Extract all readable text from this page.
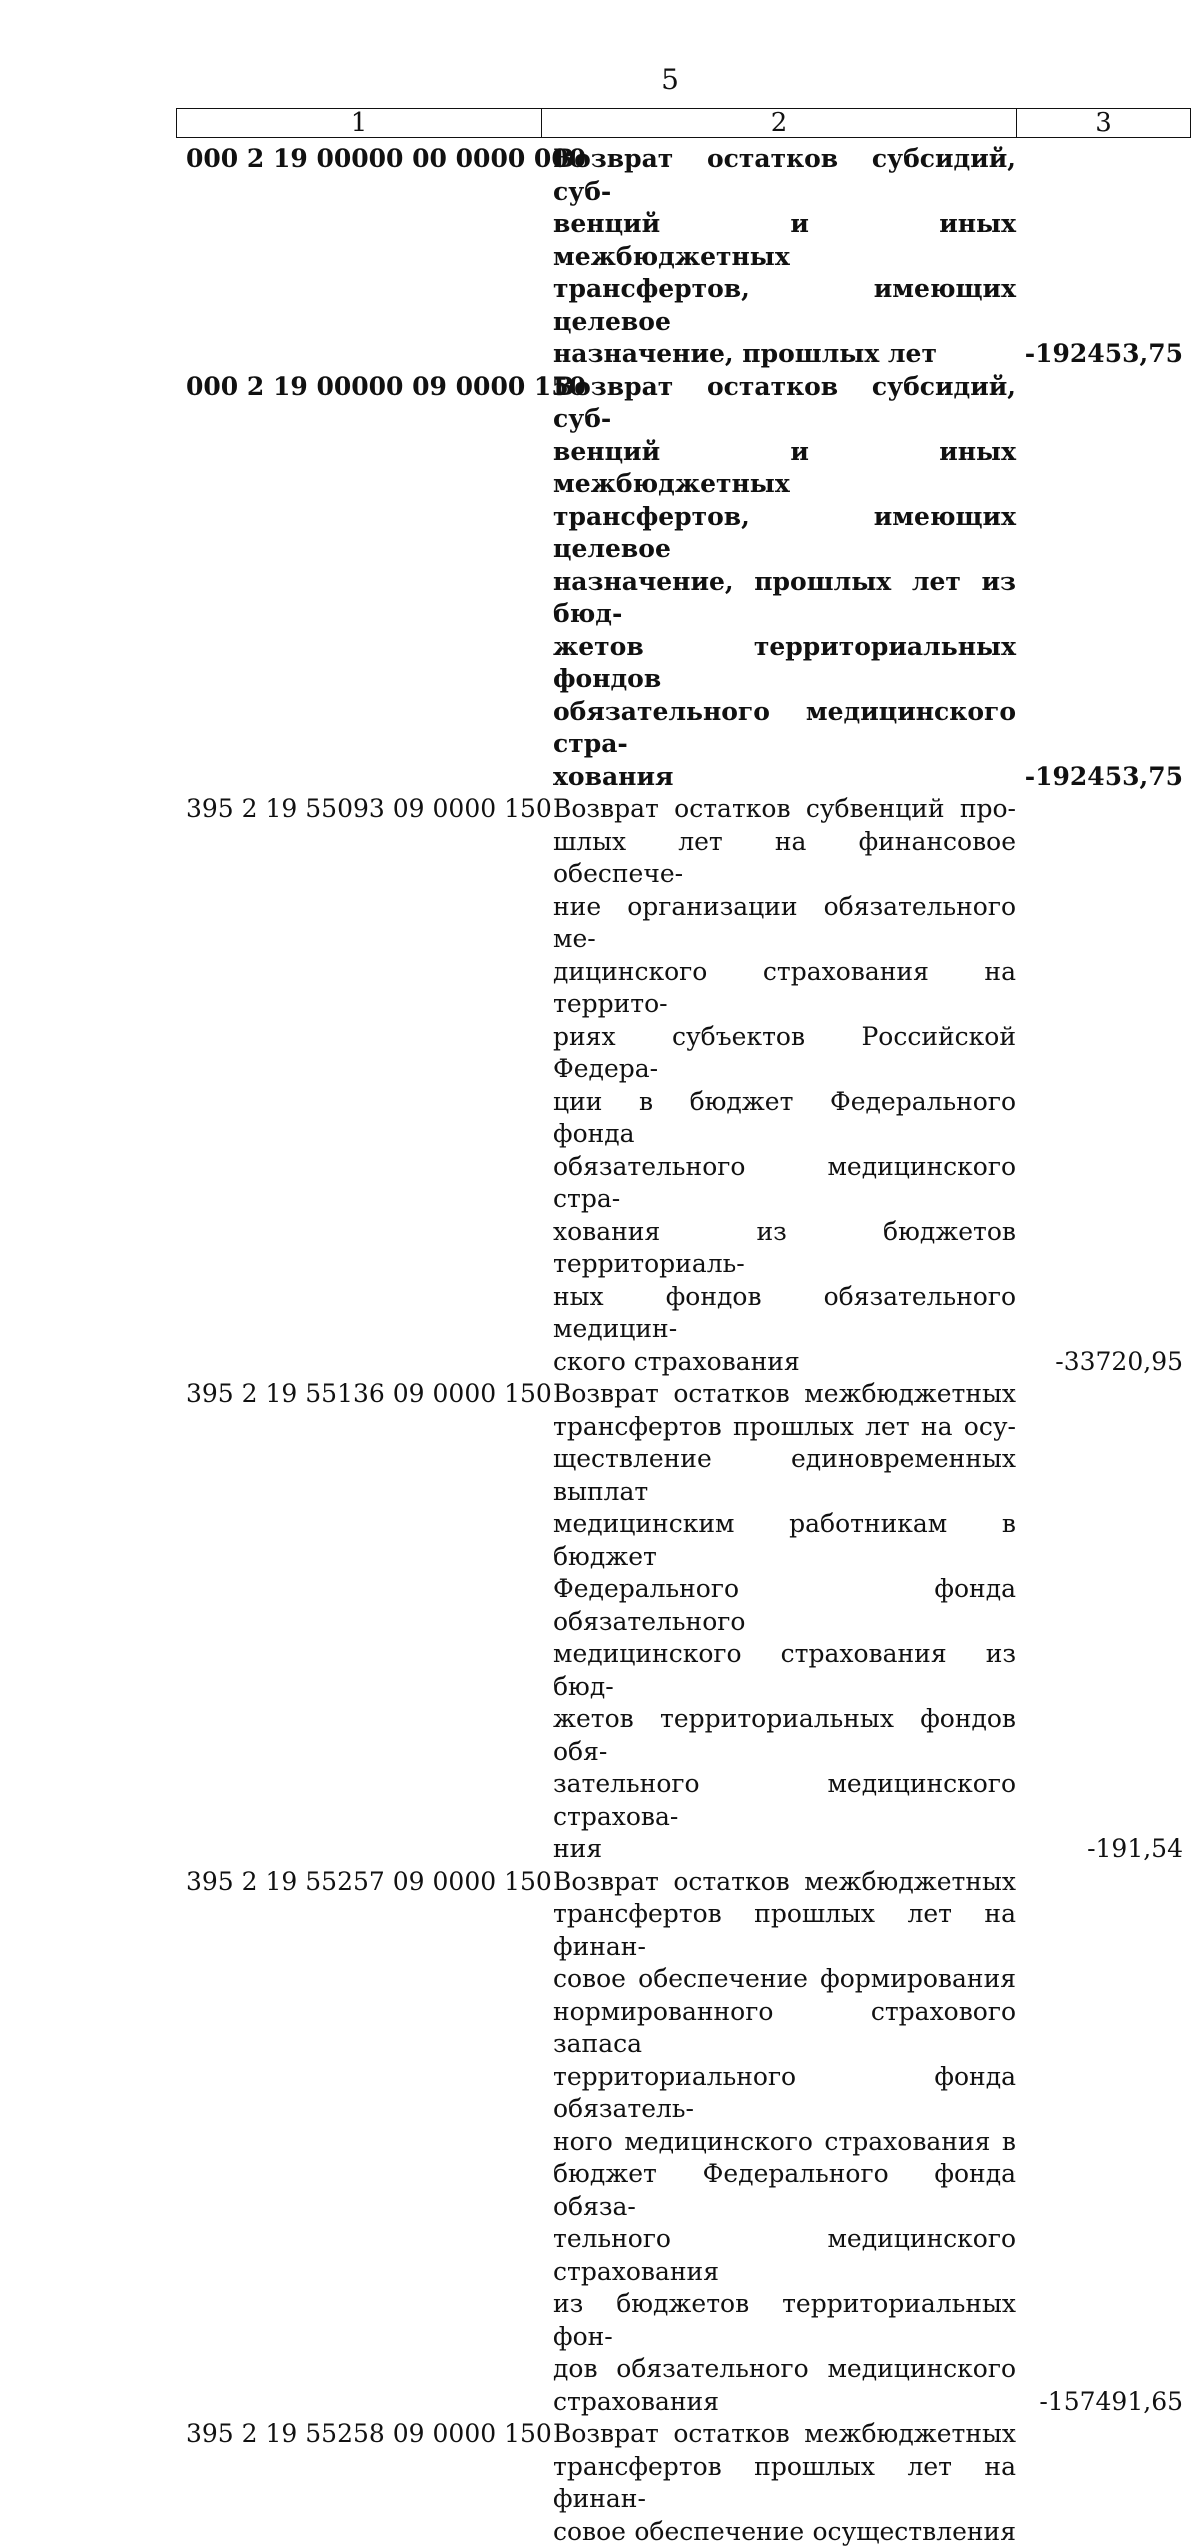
5
1	2	3
000 2 19 00000 00 0000 000
Возврат остатков субсидий, суб-
венций и иных межбюджетных
трансфертов, имеющих целевое
назначение, прошлых лет	-192453,75
000 2 19 00000 09 0000 150
Возврат остатков субсидий, суб-
венций и иных межбюджетных
трансфертов, имеющих целевое
назначение, прошлых лет из бюд-
жетов территориальных фондов
обязательного медицинского стра-
хования	-192453,75
395 2 19 55093 09 0000 150 Возврат остатков субвенций про-
шлых лет на финансовое обеспече-
ние организации обязательного ме-
дицинского страхования на террито-
риях субъектов Российской Федера-
ции в бюджет Федерального фонда
обязательного медицинского стра-
хования из бюджетов территориаль-
ных фондов обязательного медицин-
ского страхования	-33720,95
395 2 19 55136 09 0000 150 Возврат остатков межбюджетных
трансфертов прошлых лет на осу-
ществление единовременных выплат
медицинским работникам в бюджет
Федерального фонда обязательного
медицинского страхования из бюд-
жетов территориальных фондов обя-
зательного медицинского страхова-
ния	-191,54
395 2 19 55257 09 0000 150 Возврат остатков межбюджетных
трансфертов прошлых лет на финан-
совое обеспечение формирования
нормированного страхового запаса
территориального фонда обязатель-
ного медицинского страхования в
бюджет Федерального фонда обяза-
тельного медицинского страхования
из бюджетов территориальных фон-
дов обязательного медицинского
страхования	-157491,65
395 2 19 55258 09 0000 150 Возврат остатков межбюджетных
трансфертов прошлых лет на финан-
совое обеспечение осуществления
